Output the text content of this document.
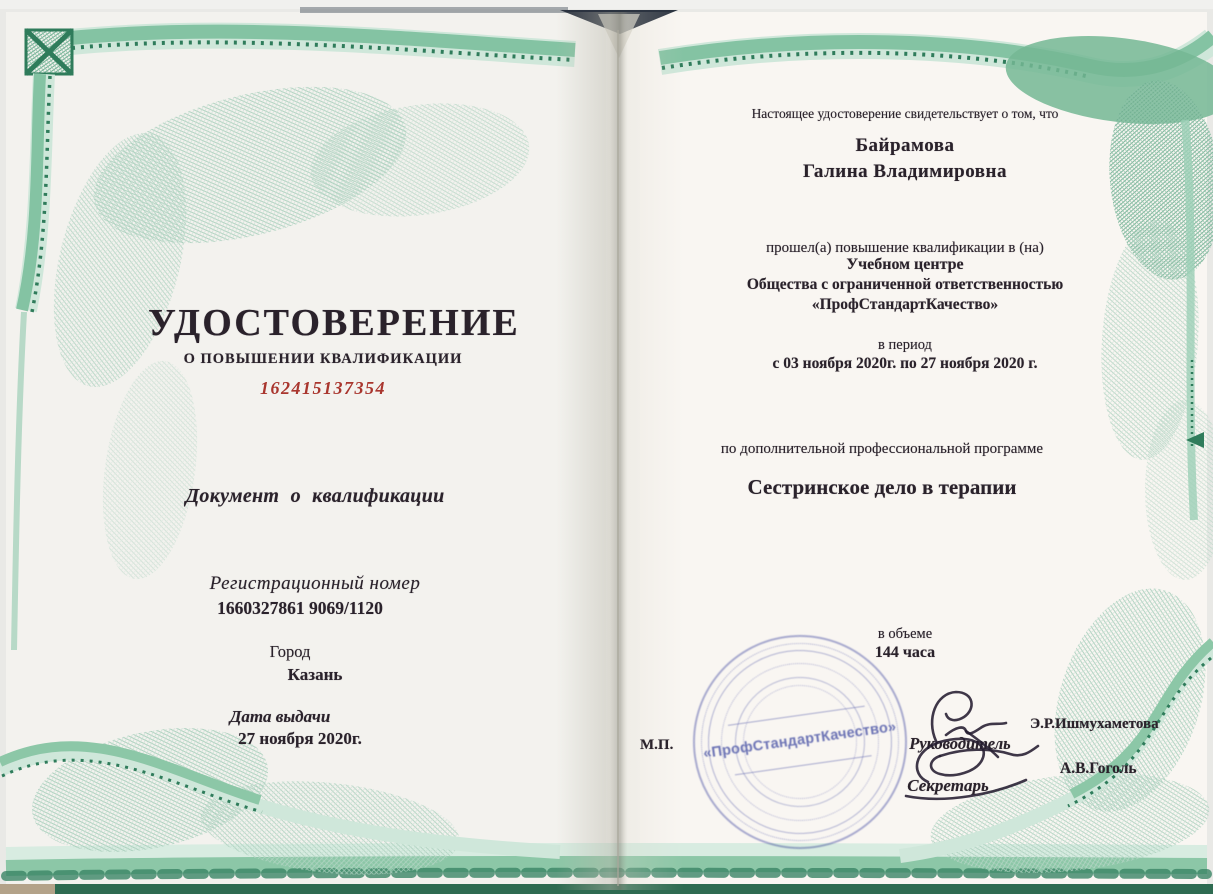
УДОСТОВЕРЕНИЕ
О ПОВЫШЕНИИ КВАЛИФИКАЦИИ
162415137354
Документ о квалификации
Регистрационный номер
1660327861 9069/1120
Город
Казань
Дата выдачи
27 ноября 2020г.
Настоящее удостоверение свидетельствует о том, что
Байрамова
Галина Владимировна
прошел(а) повышение квалификации в (на)
Учебном центре
Общества с ограниченной ответственностью
«ПрофСтандартКачество»
в период
с 03 ноября 2020г. по 27 ноября 2020 г.
по дополнительной профессиональной программе
Сестринское дело в терапии
в объеме
144 часа
М.П.	Руководитель
Э.Р.Ишмухаметова
Секретарь
А.В.Гоголь
«ПрофСтандартКачество»
